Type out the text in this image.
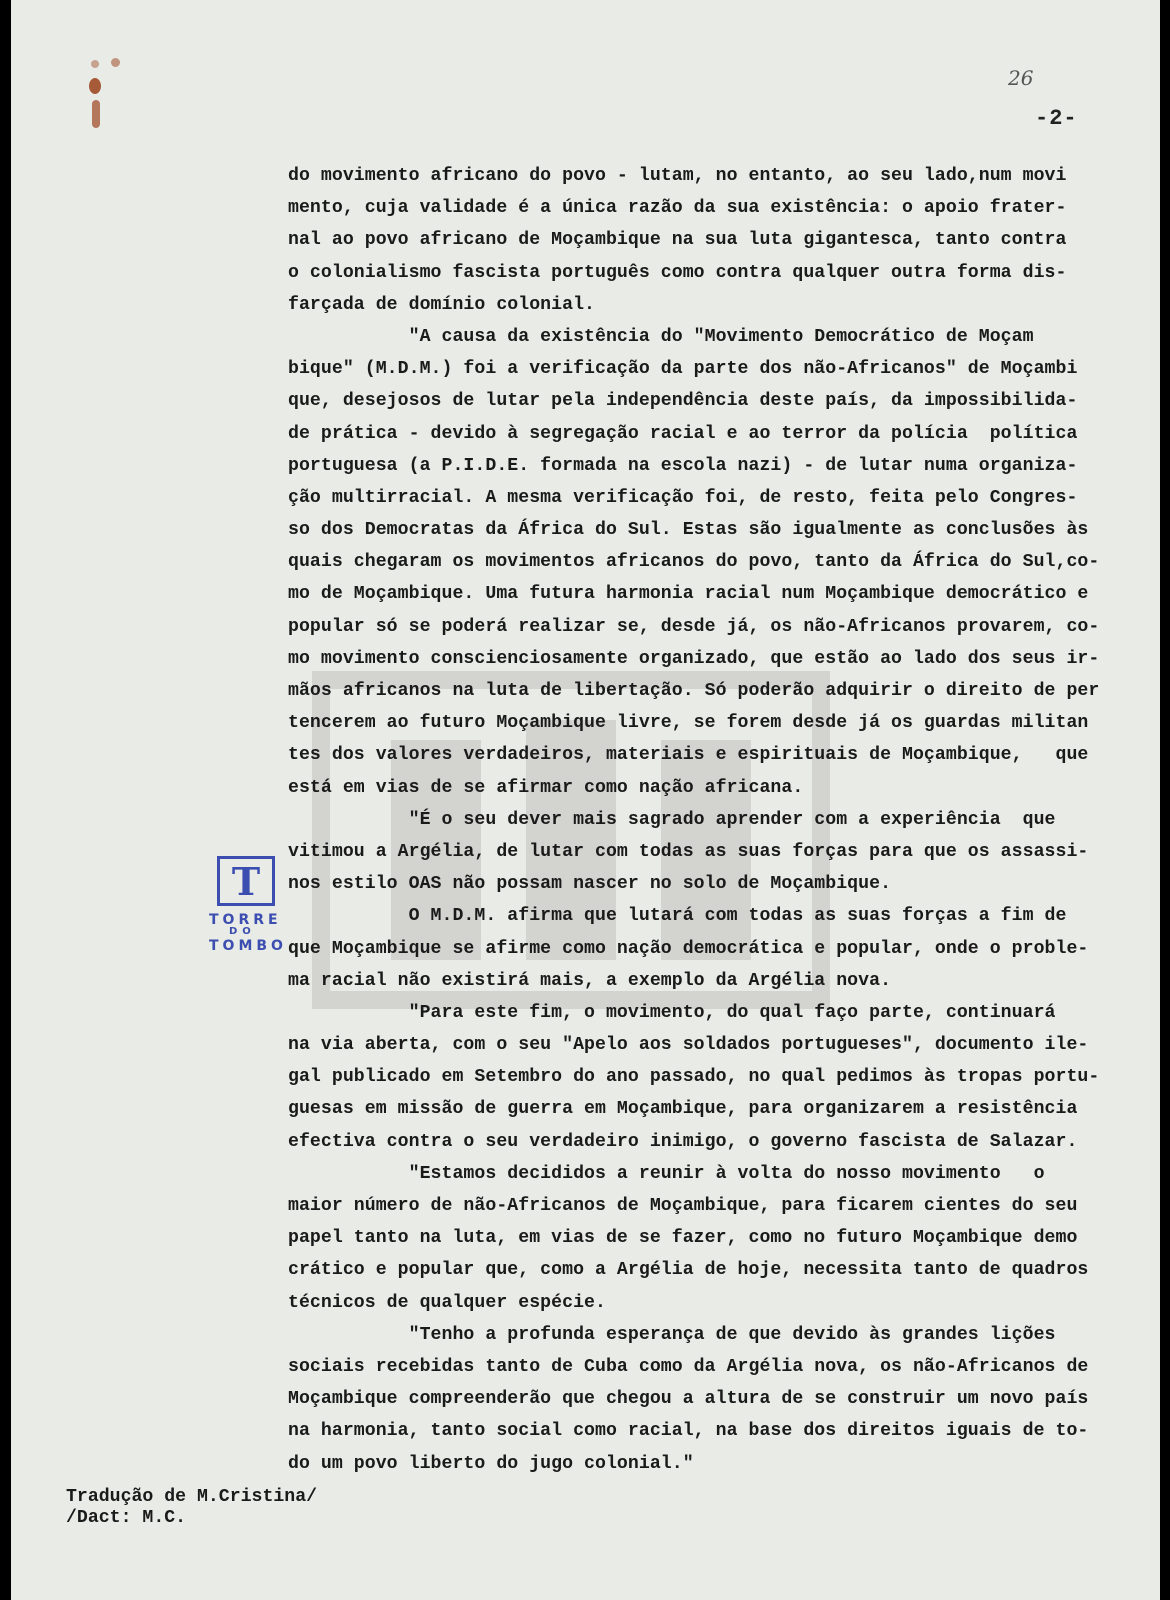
26
-2-
do movimento africano do povo - lutam, no entanto, ao seu lado,num movi
mento, cuja validade é a única razão da sua existência: o apoio frater-
nal ao povo africano de Moçambique na sua luta gigantesca, tanto contra
o colonialismo fascista português como contra qualquer outra forma dis-
farçada de domínio colonial.
"A causa da existência do "Movimento Democrático de Moçam
bique" (M.D.M.) foi a verificação da parte dos não-Africanos" de Moçambi
que, desejosos de lutar pela independência deste país, da impossibilida-
de prática - devido à segregação racial e ao terror da polícia  política
portuguesa (a P.I.D.E. formada na escola nazi) - de lutar numa organiza-
ção multirracial. A mesma verificação foi, de resto, feita pelo Congres-
so dos Democratas da África do Sul. Estas são igualmente as conclusões às
quais chegaram os movimentos africanos do povo, tanto da África do Sul,co-
mo de Moçambique. Uma futura harmonia racial num Moçambique democrático e
popular só se poderá realizar se, desde já, os não-Africanos provarem, co-
mo movimento conscienciosamente organizado, que estão ao lado dos seus ir-
mãos africanos na luta de libertação. Só poderão adquirir o direito de per
tencerem ao futuro Moçambique livre, se forem desde já os guardas militan
tes dos valores verdadeiros, materiais e espirituais de Moçambique,   que
está em vias de se afirmar como nação africana.
"É o seu dever mais sagrado aprender com a experiência  que
vitimou a Argélia, de lutar com todas as suas forças para que os assassi-
nos estilo OAS não possam nascer no solo de Moçambique.
O M.D.M. afirma que lutará com todas as suas forças a fim de
que Moçambique se afirme como nação democrática e popular, onde o proble-
ma racial não existirá mais, a exemplo da Argélia nova.
"Para este fim, o movimento, do qual faço parte, continuará
na via aberta, com o seu "Apelo aos soldados portugueses", documento ile-
gal publicado em Setembro do ano passado, no qual pedimos às tropas portu-
guesas em missão de guerra em Moçambique, para organizarem a resistência
efectiva contra o seu verdadeiro inimigo, o governo fascista de Salazar.
"Estamos decididos a reunir à volta do nosso movimento   o
maior número de não-Africanos de Moçambique, para ficarem cientes do seu
papel tanto na luta, em vias de se fazer, como no futuro Moçambique demo
crático e popular que, como a Argélia de hoje, necessita tanto de quadros
técnicos de qualquer espécie.
"Tenho a profunda esperança de que devido às grandes lições
sociais recebidas tanto de Cuba como da Argélia nova, os não-Africanos de
Moçambique compreenderão que chegou a altura de se construir um novo país
na harmonia, tanto social como racial, na base dos direitos iguais de to-
do um povo liberto do jugo colonial."
T
TORRE
DO
TOMBO
Tradução de M.Cristina/
/Dact: M.C.
